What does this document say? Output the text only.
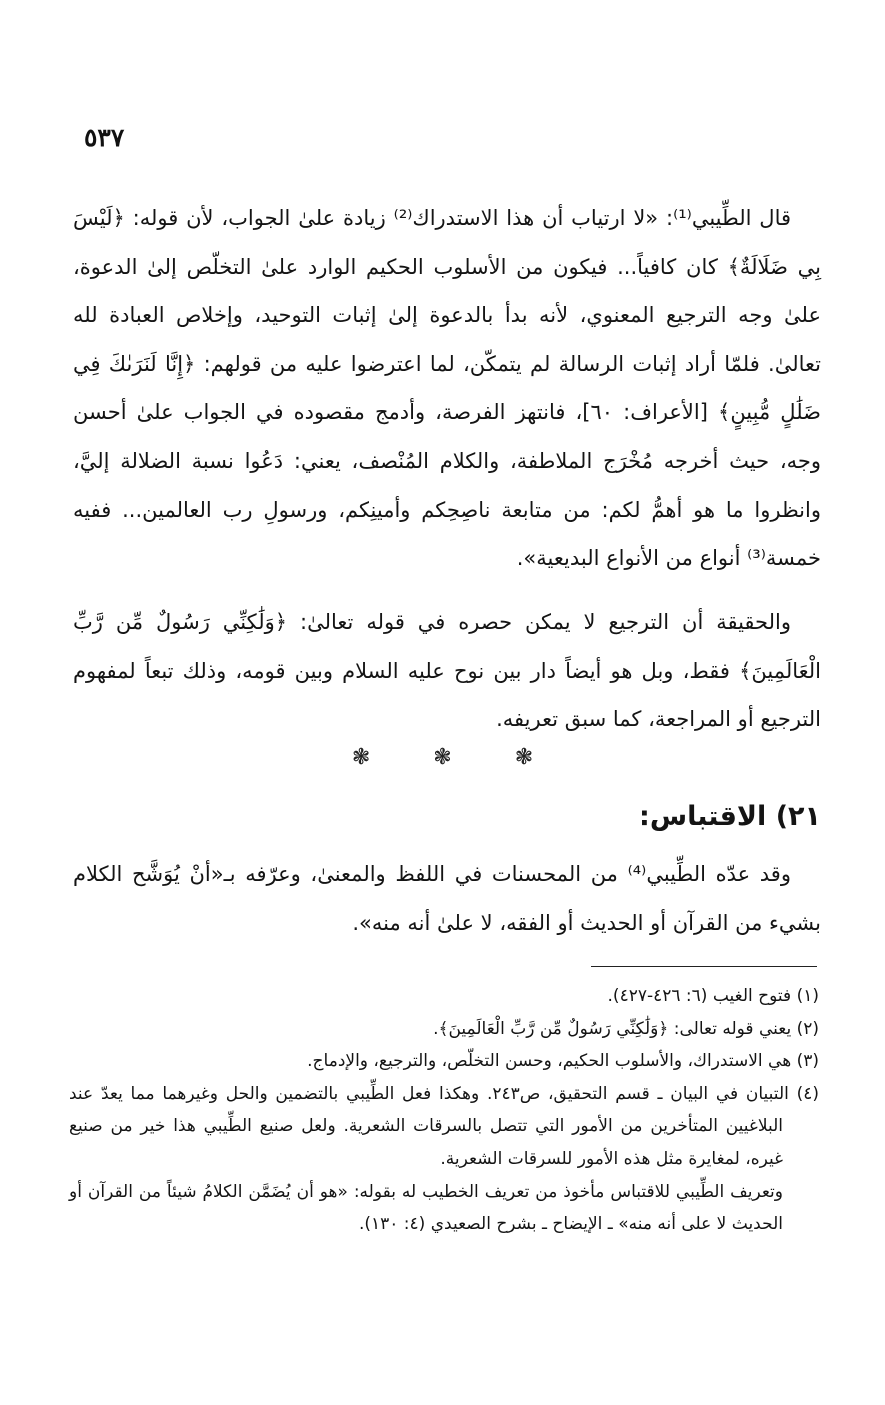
٥٣٧

قال الطِّيبي⁽¹⁾: «لا ارتياب أن هذا الاستدراك⁽²⁾ زيادة علىٰ الجواب، لأن قوله: ﴿لَيْسَ بِي ضَلَالَةٌ﴾ كان كافياً... فيكون من الأسلوب الحكيم الوارد علىٰ التخلّص إلىٰ الدعوة، علىٰ وجه الترجيع المعنوي، لأنه بدأ بالدعوة إلىٰ إثبات التوحيد، وإخلاص العبادة لله تعالىٰ. فلمّا أراد إثبات الرسالة لم يتمكّن، لما اعترضوا عليه من قولهم: ﴿إِنَّا لَنَرَىٰكَ فِي ضَلَٰلٍ مُّبِينٍ﴾ [الأعراف: ٦٠]، فانتهز الفرصة، وأدمج مقصوده في الجواب علىٰ أحسن وجه، حيث أخرجه مُخْرَج الملاطفة، والكلام المُنْصف، يعني: دَعُوا نسبة الضلالة إليَّ، وانظروا ما هو أهمُّ لكم: من متابعة ناصِحِكم وأمينِكم، ورسولِ رب العالمين... ففيه خمسة⁽³⁾ أنواع من الأنواع البديعية».

والحقيقة أن الترجيع لا يمكن حصره في قوله تعالىٰ: ﴿وَلَٰكِنِّي رَسُولٌ مِّن رَّبِّ الْعَالَمِينَ﴾ فقط، وبل هو أيضاً دار بين نوح عليه السلام وبين قومه، وذلك تبعاً لمفهوم الترجيع أو المراجعة، كما سبق تعريفه.

❃	❃	❃
٢١) الاقتباس:

وقد عدّه الطِّيبي⁽⁴⁾ من المحسنات في اللفظ والمعنىٰ، وعرّفه بـ«أنْ يُوَشَّح الكلام بشيء من القرآن أو الحديث أو الفقه، لا علىٰ أنه منه».

(١) فتوح الغيب (٦: ٤٢٦-٤٢٧).

(٢) يعني قوله تعالى: ﴿وَلَٰكِنِّي رَسُولٌ مِّن رَّبِّ الْعَالَمِينَ﴾.

(٣) هي الاستدراك، والأسلوب الحكيم، وحسن التخلّص، والترجيع، والإدماج.

(٤) التبيان في البيان ـ قسم التحقيق، ص٢٤٣. وهكذا فعل الطِّيبي بالتضمين والحل وغيرهما مما يعدّ عند البلاغيين المتأخرين من الأمور التي تتصل بالسرقات الشعرية. ولعل صنيع الطِّيبي هذا خير من صنيع غيره، لمغايرة مثل هذه الأمور للسرقات الشعرية.

وتعريف الطِّيبي للاقتباس مأخوذ من تعريف الخطيب له بقوله: «هو أن يُضَمَّن الكلامُ شيئاً من القرآن أو الحديث لا على أنه منه» ـ الإيضاح ـ بشرح الصعيدي (٤: ١٣٠).
